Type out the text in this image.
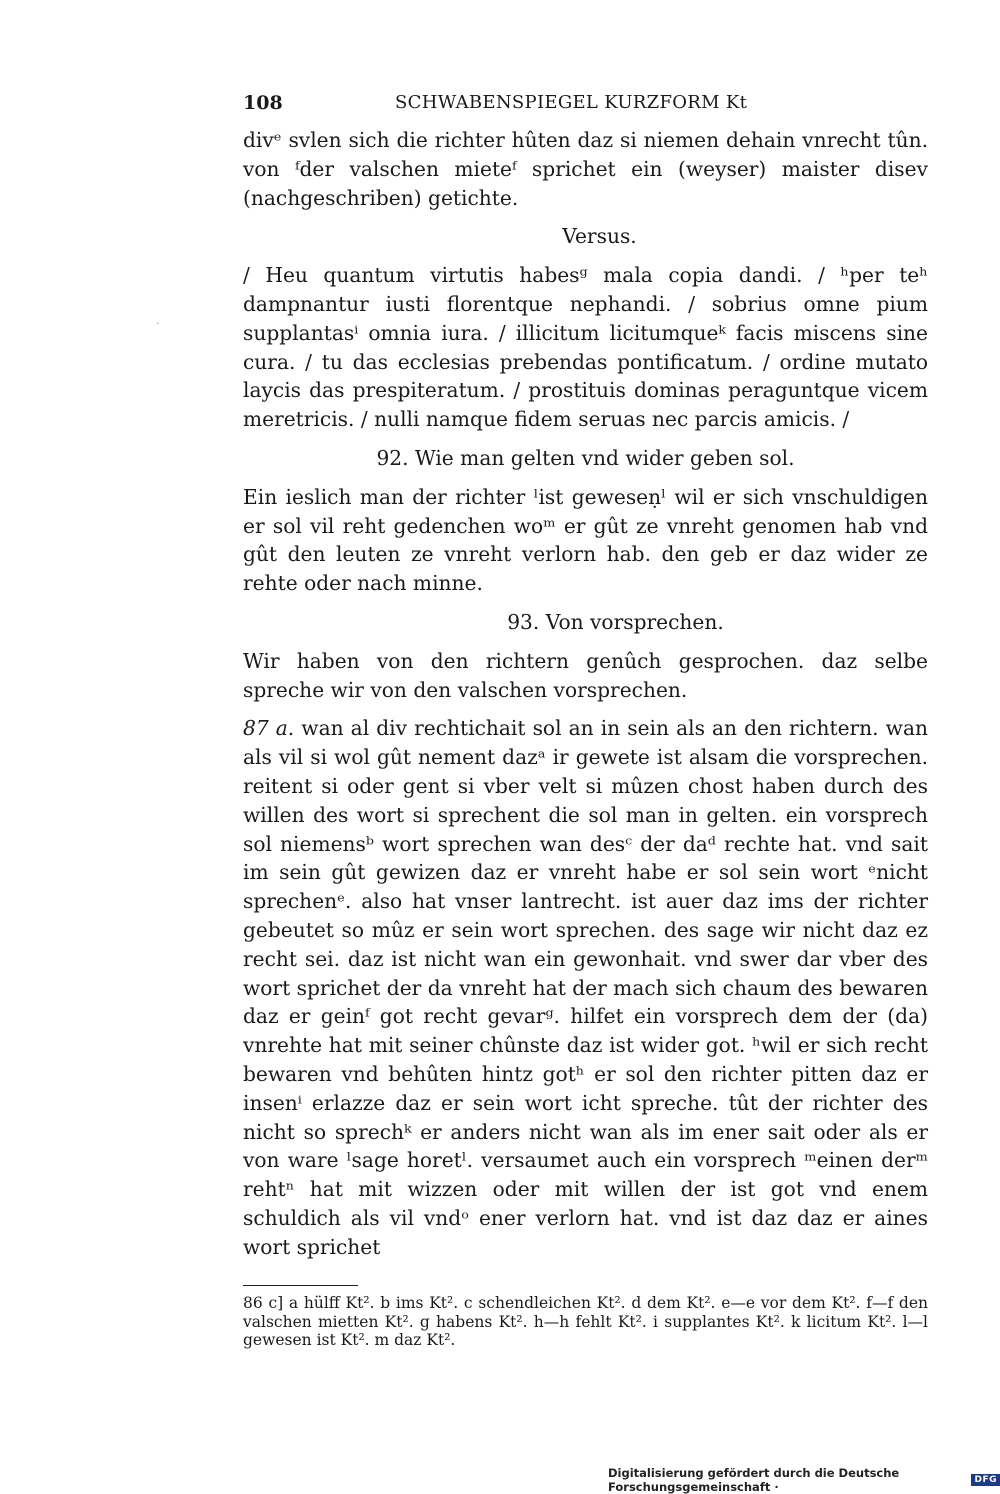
108	SCHWABENSPIEGEL KURZFORM Kt

divᵉ svlen sich die richter hûten daz si niemen dehain vnrecht tûn. von ᶠder valschen mieteᶠ sprichet ein (weyser) maister disev (nachgeschriben) getichte.

Versus.

/ Heu quantum virtutis habesᵍ mala copia dandi. / ʰper teʰ dampnantur iusti florentque nephandi. / sobrius omne pium supplantasⁱ omnia iura. / illicitum licitumqueᵏ facis miscens sine cura. / tu das ecclesias prebendas pontificatum. / ordine mutato laycis das prespiteratum. / prostituis dominas peraguntque vicem meretricis. / nulli namque fidem seruas nec parcis amicis. /

92. Wie man gelten vnd wider geben sol.

Ein ieslich man der richter ˡist geweseṇˡ wil er sich vnschuldigen er sol vil reht gedenchen woᵐ er gût ze vnreht genomen hab vnd gût den leuten ze vnreht verlorn hab. den geb er daz wider ze rehte oder nach minne.

93. Von vorsprechen.

Wir haben von den richtern genûch gesprochen. daz selbe spreche wir von den valschen vorsprechen.

87 a. wan al div rechtichait sol an in sein als an den richtern. wan als vil si wol gût nement dazᵃ ir gewete ist alsam die vorsprechen. reitent si oder gent si vber velt si mûzen chost haben durch des willen des wort si sprechent die sol man in gelten. ein vorsprech sol niemensᵇ wort sprechen wan desᶜ der daᵈ rechte hat. vnd sait im sein gût gewizen daz er vnreht habe er sol sein wort ᵉnicht sprechenᵉ. also hat vnser lantrecht. ist auer daz ims der richter gebeutet so mûz er sein wort sprechen. des sage wir nicht daz ez recht sei. daz ist nicht wan ein gewonhait. vnd swer dar vber des wort sprichet der da vnreht hat der mach sich chaum des bewaren daz er geinᶠ got recht gevarᵍ. hilfet ein vorsprech dem der (da) vnrehte hat mit seiner chûnste daz ist wider got. ʰwil er sich recht bewaren vnd behûten hintz gotʰ er sol den richter pitten daz er insenⁱ erlazze daz er sein wort icht spreche. tût der richter des nicht so sprechᵏ er anders nicht wan als im ener sait oder als er von ware ˡsage horetˡ. versaumet auch ein vorsprech ᵐeinen derᵐ rehtⁿ hat mit wizzen oder mit willen der ist got vnd enem schuldich als vil vndᵒ ener verlorn hat. vnd ist daz daz er aines wort sprichet

86 c] a hülff Kt². b ims Kt². c schendleichen Kt². d dem Kt². e—e vor dem Kt². f—f den valschen mietten Kt². g habens Kt². h—h fehlt Kt². i supplantes Kt². k licitum Kt². l—l gewesen ist Kt². m daz Kt².

·
Digitalisierung gefördert durch die Deutsche Forschungsgemeinschaft ·	DFG
